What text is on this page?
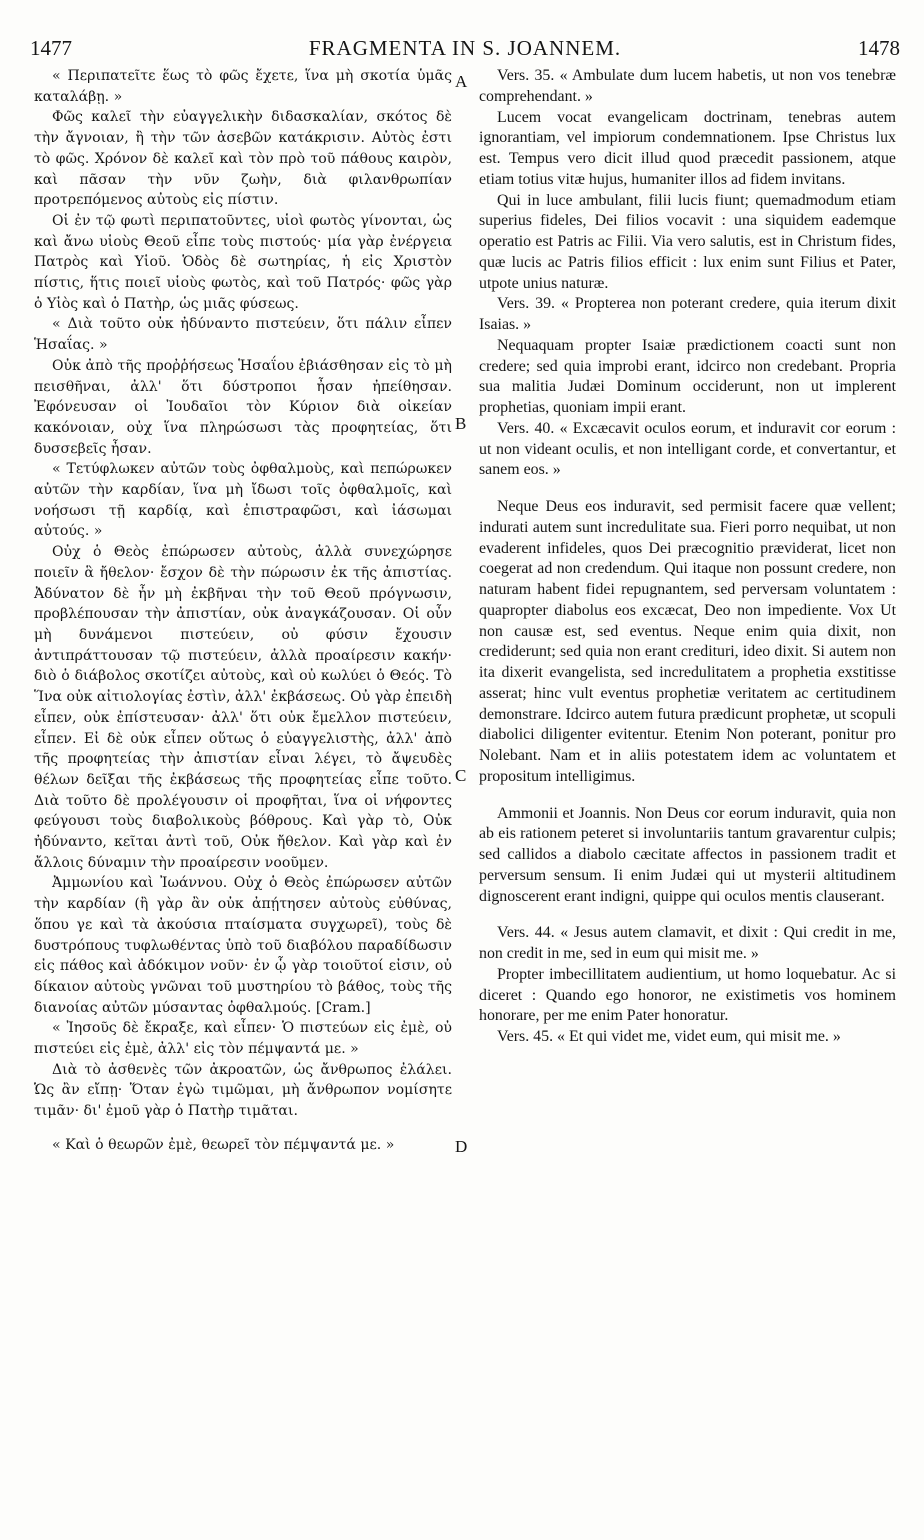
1477	FRAGMENTA IN S. JOANNEM.	1478
A
B
C
D

« Περιπατεῖτε ἕως τὸ φῶς ἔχετε, ἵνα μὴ σκοτία ὑμᾶς καταλάβῃ. »

Φῶς καλεῖ τὴν εὐαγγελικὴν διδασκαλίαν, σκότος δὲ τὴν ἄγνοιαν, ἢ τὴν τῶν ἀσεβῶν κατάκρισιν. Αὐτὸς ἐστι τὸ φῶς. Χρόνον δὲ καλεῖ καὶ τὸν πρὸ τοῦ πάθους καιρὸν, καὶ πᾶσαν τὴν νῦν ζωὴν, διὰ φιλανθρωπίαν προτρεπόμενος αὐτοὺς εἰς πίστιν.

Οἱ ἐν τῷ φωτὶ περιπατοῦντες, υἱοὶ φωτὸς γίνονται, ὡς καὶ ἄνω υἱοὺς Θεοῦ εἶπε τοὺς πιστούς· μία γὰρ ἐνέργεια Πατρὸς καὶ Υἱοῦ. Ὁδὸς δὲ σωτηρίας, ἡ εἰς Χριστὸν πίστις, ἥτις ποιεῖ υἱοὺς φωτὸς, καὶ τοῦ Πατρός· φῶς γὰρ ὁ Υἱὸς καὶ ὁ Πατὴρ, ὡς μιᾶς φύσεως.

« Διὰ τοῦτο οὐκ ἠδύναντο πιστεύειν, ὅτι πάλιν εἶπεν Ἡσαΐας. »

Οὐκ ἀπὸ τῆς προῤῥήσεως Ἡσαΐου ἐβιάσθησαν εἰς τὸ μὴ πεισθῆναι, ἀλλ' ὅτι δύστροποι ἦσαν ἠπείθησαν. Ἐφόνευσαν οἱ Ἰουδαῖοι τὸν Κύριον διὰ οἰκείαν κακόνοιαν, οὐχ ἵνα πληρώσωσι τὰς προφητείας, ὅτι δυσσεβεῖς ἦσαν.

« Τετύφλωκεν αὐτῶν τοὺς ὀφθαλμοὺς, καὶ πεπώρωκεν αὐτῶν τὴν καρδίαν, ἵνα μὴ ἴδωσι τοῖς ὀφθαλμοῖς, καὶ νοήσωσι τῇ καρδίᾳ, καὶ ἐπιστραφῶσι, καὶ ἰάσωμαι αὐτούς. »

Οὐχ ὁ Θεὸς ἐπώρωσεν αὐτοὺς, ἀλλὰ συνεχώρησε ποιεῖν ἃ ἤθελον· ἔσχον δὲ τὴν πώρωσιν ἐκ τῆς ἀπιστίας. Ἀδύνατον δὲ ἦν μὴ ἐκβῆναι τὴν τοῦ Θεοῦ πρόγνωσιν, προβλέπουσαν τὴν ἀπιστίαν, οὐκ ἀναγκάζουσαν. Οἱ οὖν μὴ δυνάμενοι πιστεύειν, οὐ φύσιν ἔχουσιν ἀντιπράττουσαν τῷ πιστεύειν, ἀλλὰ προαίρεσιν κακήν· διὸ ὁ διάβολος σκοτίζει αὐτοὺς, καὶ οὐ κωλύει ὁ Θεός. Τὸ Ἵνα οὐκ αἰτιολογίας ἐστὶν, ἀλλ' ἐκβάσεως. Οὐ γὰρ ἐπειδὴ εἶπεν, οὐκ ἐπίστευσαν· ἀλλ' ὅτι οὐκ ἔμελλον πιστεύειν, εἶπεν. Εἰ δὲ οὐκ εἶπεν οὕτως ὁ εὐαγγελιστὴς, ἀλλ' ἀπὸ τῆς προφητείας τὴν ἀπιστίαν εἶναι λέγει, τὸ ἄψευδὲς θέλων δεῖξαι τῆς ἐκβάσεως τῆς προφητείας εἶπε τοῦτο. Διὰ τοῦτο δὲ προλέγουσιν οἱ προφῆται, ἵνα οἱ νήφοντες φεύγουσι τοὺς διαβολικοὺς βόθρους. Καὶ γὰρ τὸ, Οὐκ ἠδύναντο, κεῖται ἀντὶ τοῦ, Οὐκ ἤθελον. Καὶ γὰρ καὶ ἐν ἄλλοις δύναμιν τὴν προαίρεσιν νοοῦμεν.

Ἀμμωνίου καὶ Ἰωάννου. Οὐχ ὁ Θεὸς ἐπώρωσεν αὐτῶν τὴν καρδίαν (ἢ γὰρ ἂν οὐκ ἀπῄτησεν αὐτοὺς εὐθύνας, ὅπου γε καὶ τὰ ἀκούσια πταίσματα συγχωρεῖ), τοὺς δὲ δυστρόπους τυφλωθέντας ὑπὸ τοῦ διαβόλου παραδίδωσιν εἰς πάθος καὶ ἀδόκιμον νοῦν· ἐν ᾧ γὰρ τοιοῦτοί εἰσιν, οὐ δίκαιον αὐτοὺς γνῶναι τοῦ μυστηρίου τὸ βάθος, τοὺς τῆς διανοίας αὐτῶν μύσαντας ὀφθαλμούς. [Cram.]

« Ἰησοῦς δὲ ἔκραξε, καὶ εἶπεν· Ὁ πιστεύων εἰς ἐμὲ, οὐ πιστεύει εἰς ἐμὲ, ἀλλ' εἰς τὸν πέμψαντά με. »

Διὰ τὸ ἀσθενὲς τῶν ἀκροατῶν, ὡς ἄνθρωπος ἐλάλει. Ὡς ἂν εἴπῃ· Ὅταν ἐγὼ τιμῶμαι, μὴ ἄνθρωπον νομίσητε τιμᾶν· δι' ἐμοῦ γὰρ ὁ Πατὴρ τιμᾶται.

« Καὶ ὁ θεωρῶν ἐμὲ, θεωρεῖ τὸν πέμψαντά με. »

Vers. 35. « Ambulate dum lucem habetis, ut non vos tenebræ comprehendant. »

Lucem vocat evangelicam doctrinam, tenebras autem ignorantiam, vel impiorum condemnationem. Ipse Christus lux est. Tempus vero dicit illud quod præcedit passionem, atque etiam totius vitæ hujus, humaniter illos ad fidem invitans.

Qui in luce ambulant, filii lucis fiunt; quemadmodum etiam superius fideles, Dei filios vocavit : una siquidem eademque operatio est Patris ac Filii. Via vero salutis, est in Christum fides, quæ lucis ac Patris filios efficit : lux enim sunt Filius et Pater, utpote unius naturæ.

Vers. 39. « Propterea non poterant credere, quia iterum dixit Isaias. »

Nequaquam propter Isaiæ prædictionem coacti sunt non credere; sed quia improbi erant, idcirco non credebant. Propria sua malitia Judæi Dominum occiderunt, non ut implerent prophetias, quoniam impii erant.

Vers. 40. « Excæcavit oculos eorum, et induravit cor eorum : ut non videant oculis, et non intelligant corde, et convertantur, et sanem eos. »

Neque Deus eos induravit, sed permisit facere quæ vellent; indurati autem sunt incredulitate sua. Fieri porro nequibat, ut non evaderent infideles, quos Dei præcognitio præviderat, licet non coegerat ad non credendum. Qui itaque non possunt credere, non naturam habent fidei repugnantem, sed perversam voluntatem : quapropter diabolus eos excæcat, Deo non impediente. Vox Ut non causæ est, sed eventus. Neque enim quia dixit, non crediderunt; sed quia non erant credituri, ideo dixit. Si autem non ita dixerit evangelista, sed incredulitatem a prophetia exstitisse asserat; hinc vult eventus prophetiæ veritatem ac certitudinem demonstrare. Idcirco autem futura prædicunt prophetæ, ut scopuli diabolici diligenter evitentur. Etenim Non poterant, ponitur pro Nolebant. Nam et in aliis potestatem idem ac voluntatem et propositum intelligimus.

Ammonii et Joannis. Non Deus cor eorum induravit, quia non ab eis rationem peteret si involuntariis tantum gravarentur culpis; sed callidos a diabolo cæcitate affectos in passionem tradit et perversum sensum. Ii enim Judæi qui ut mysterii altitudinem dignoscerent erant indigni, quippe qui oculos mentis clauserant.

Vers. 44. « Jesus autem clamavit, et dixit : Qui credit in me, non credit in me, sed in eum qui misit me. »

Propter imbecillitatem audientium, ut homo loquebatur. Ac si diceret : Quando ego honoror, ne existimetis vos hominem honorare, per me enim Pater honoratur.

Vers. 45. « Et qui videt me, videt eum, qui misit me. »
